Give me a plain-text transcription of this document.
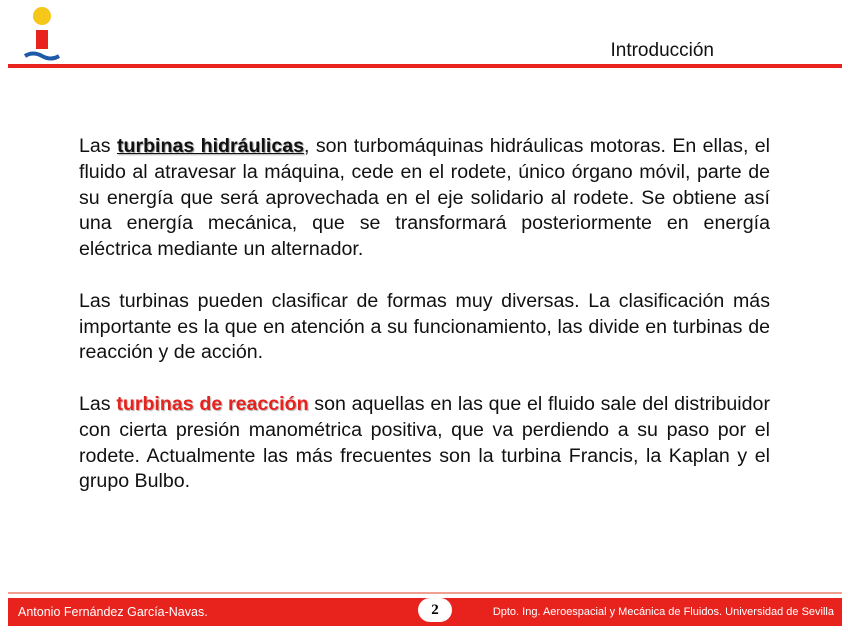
Introducción

Las turbinas hidráulicas, son turbomáquinas hidráulicas motoras. En ellas, el fluido al atravesar la máquina, cede en el rodete, único órgano móvil, parte de su energía que será aprovechada en el eje solidario al rodete. Se obtiene así una energía mecánica, que se transformará posteriormente en energía eléctrica mediante un alternador.

Las turbinas pueden clasificar de formas muy diversas. La clasificación más importante es la que en atención a su funcionamiento, las divide en turbinas de reacción y de acción.

Las turbinas de reacción son aquellas en las que el fluido sale del distribuidor con cierta presión manométrica positiva, que va perdiendo a su paso por el rodete. Actualmente las más frecuentes son la turbina Francis, la Kaplan y el grupo Bulbo.

Antonio Fernández García-Navas.	2	Dpto. Ing. Aeroespacial y Mecánica de Fluidos. Universidad de Sevilla
